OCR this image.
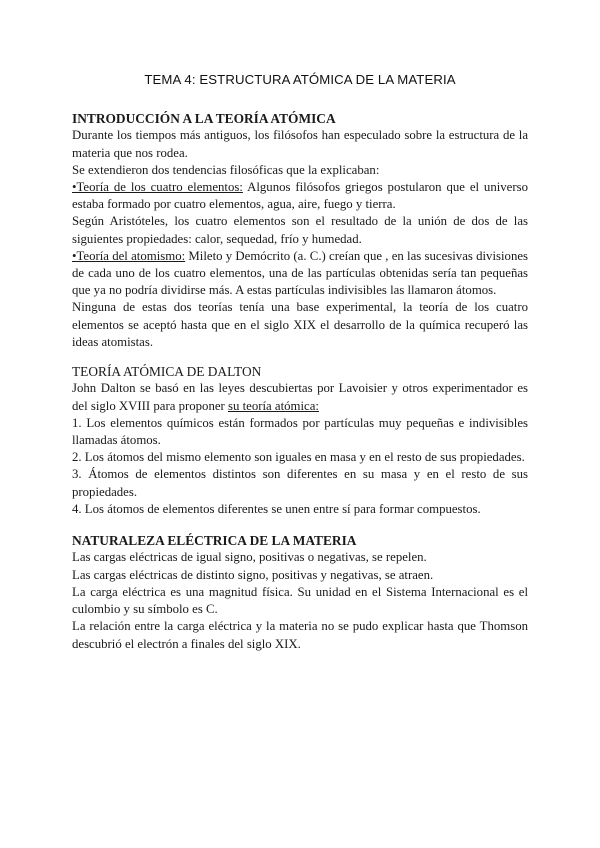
TEMA 4: ESTRUCTURA ATÓMICA DE LA MATERIA
INTRODUCCIÓN A LA TEORÍA ATÓMICA

Durante los tiempos más antiguos, los filósofos han especulado sobre la estructura de la materia que nos rodea.

Se extendieron dos tendencias filosóficas que la explicaban:

•Teoría de los cuatro elementos: Algunos filósofos griegos postularon que el universo estaba formado por cuatro elementos, agua, aire, fuego y tierra.

Según Aristóteles, los cuatro elementos son el resultado de la unión de dos de las siguientes propiedades: calor, sequedad, frío y humedad.

•Teoría del atomismo: Mileto y Demócrito (a. C.) creían que , en las sucesivas divisiones de cada uno de los cuatro elementos, una de las partículas obtenidas sería tan pequeñas que ya no podría dividirse más. A estas partículas indivisibles las llamaron átomos.

Ninguna de estas dos teorías tenía una base experimental, la teoría de los cuatro elementos se aceptó hasta que en el siglo XIX el desarrollo de la química recuperó las ideas atomistas.

TEORÍA ATÓMICA DE DALTON

John Dalton se basó en las leyes descubiertas por Lavoisier y otros experimentador es del siglo XVIII para proponer su teoría atómica:

1. Los elementos químicos están formados por partículas muy pequeñas e indivisibles llamadas átomos.

2. Los átomos del mismo elemento son iguales en masa y en el resto de sus propiedades.

3. Átomos de elementos distintos son diferentes en su masa y en el resto de sus propiedades.

4. Los átomos de elementos diferentes se unen entre sí para formar compuestos.

NATURALEZA ELÉCTRICA DE LA MATERIA

Las cargas eléctricas de igual signo, positivas o negativas, se repelen.

Las cargas eléctricas de distinto signo, positivas y negativas, se atraen.

La carga eléctrica es una magnitud física. Su unidad en el Sistema Internacional es el culombio y su símbolo es C.

La relación entre la carga eléctrica y la materia no se pudo explicar hasta que Thomson descubrió el electrón a finales del siglo XIX.
